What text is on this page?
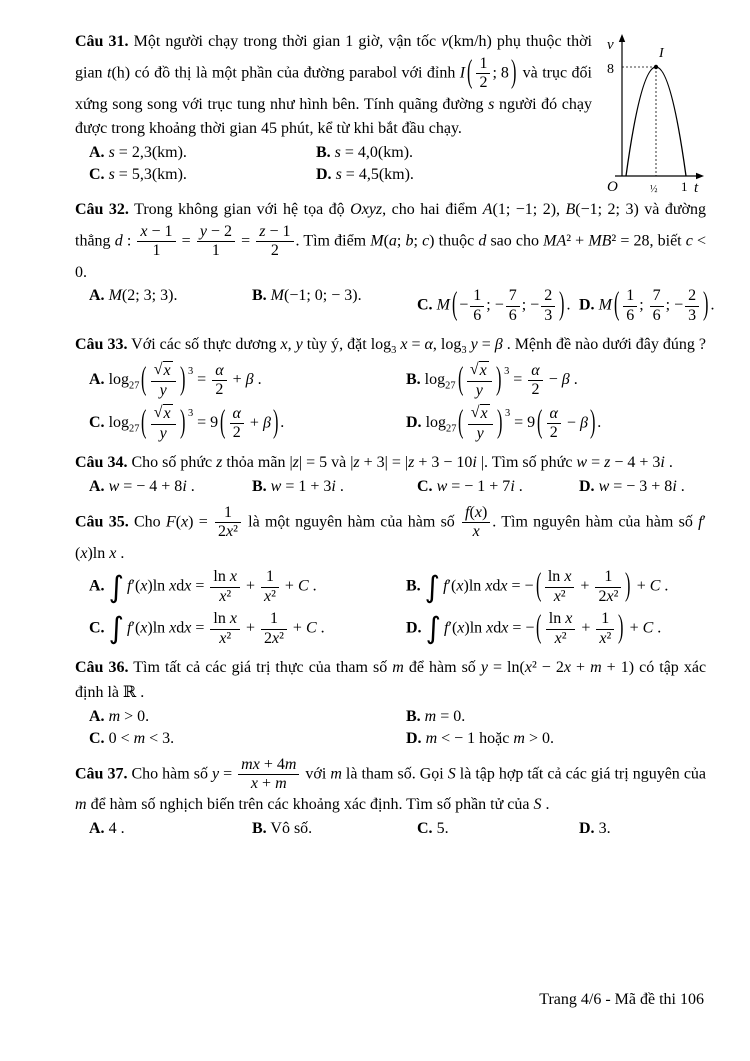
v
8
I
O	½ 1 t

Câu 31. Một người chạy trong thời gian 1 giờ, vận tốc v(km/h) phụ thuộc thời gian t(h) có đồ thị là một phần của đường parabol với đỉnh I ( $\frac{1}{2}$ ; 8 ) và trục đối xứng song song với trục tung như hình bên. Tính quãng đường s người đó chạy được trong khoảng thời gian 45 phút, kể từ khi bắt đầu chạy.

A. s = 2,3(km).	B. s = 4,0(km).
C. s = 5,3(km).	D. s = 4,5(km).

Câu 32. Trong không gian với hệ tọa độ Oxyz, cho hai điểm A(1; −1; 2), B(−1; 2; 3) và đường thẳng d : $\frac{x - 1}{1} = \frac{y - 2}{1} = \frac{z - 1}{2}$ . Tìm điểm M(a; b; c) thuộc d sao cho MA² + MB² = 28, biết c < 0.

A. M(2; 3; 3).	B. M(−1; 0; − 3).
C. M ( − $\frac{1}{6}$ ; − $\frac{7}{6}$ ; − $\frac{2}{3}$ ) . D. M ( $\frac{1}{6}$ ; $\frac{7}{6}$ ; − $\frac{2}{3}$ ) .

Câu 33. Với các số thực dương x, y tùy ý, đặt $\log_3 x = \alpha$, $\log_3 y = \beta$ . Mệnh đề nào dưới đây đúng ?

A. $\log_{27}$ ( $\frac{√ x}{y}$ ) $^3 = \frac{\alpha}{2} + \beta$ .	B. $\log_{27}$ ( $\frac{√ x}{y}$ ) $^3 = \frac{\alpha}{2} - \beta$ .
C. $\log_{27}$ ( $\frac{√ x}{y}$ ) $^3$ = 9 ( $\frac{\alpha}{2} + \beta$ ) .	D. $\log_{27}$ ( $\frac{√ x}{y}$ ) $^3$ = 9 ( $\frac{\alpha}{2} - \beta$ ) .

Câu 34. Cho số phức z thỏa mãn |z| = 5 và |z + 3| = |z + 3 − 10i |. Tìm số phức w = z − 4 + 3i .

A. w = − 4 + 8i .	B. w = 1 + 3i .	C. w = − 1 + 7i .	D. w = − 3 + 8i .

Câu 35. Cho $F(x) = \frac{1}{\text{2x²}}$ là một nguyên hàm của hàm số $\frac{f(x)}{x}$ . Tìm nguyên hàm của hàm số f′(x)ln x .

A. ∫ f′(x)ln xdx = $\frac{\text{ln x}}{\text{x²}} + \frac{1}{\text{x²}} + C$ .	B. ∫ f′(x)ln xdx = − ( $\frac{\text{ln x}}{\text{x²}} + \frac{1}{\text{2x²}}$ ) + C .
C. ∫ f′(x)ln xdx = $\frac{\text{ln x}}{\text{x²}} + \frac{1}{\text{2x²}} + C$ .	D. ∫ f′(x)ln xdx = − ( $\frac{\text{ln x}}{\text{x²}} + \frac{1}{\text{x²}}$ ) + C .

Câu 36. Tìm tất cả các giá trị thực của tham số m để hàm số y = ln(x² − 2x + m + 1) có tập xác định là ℝ .

A. m > 0.	B. m = 0.
C. 0 < m < 3.	D. m < − 1 hoặc m > 0.

Câu 37. Cho hàm số $y = \frac{mx + 4m}{x + m}$ với m là tham số. Gọi S là tập hợp tất cả các giá trị nguyên của m để hàm số nghịch biến trên các khoảng xác định. Tìm số phần tử của S .

A. 4 .	B. Vô số.	C. 5.	D. 3.
Trang 4/6 - Mã đề thi 106
